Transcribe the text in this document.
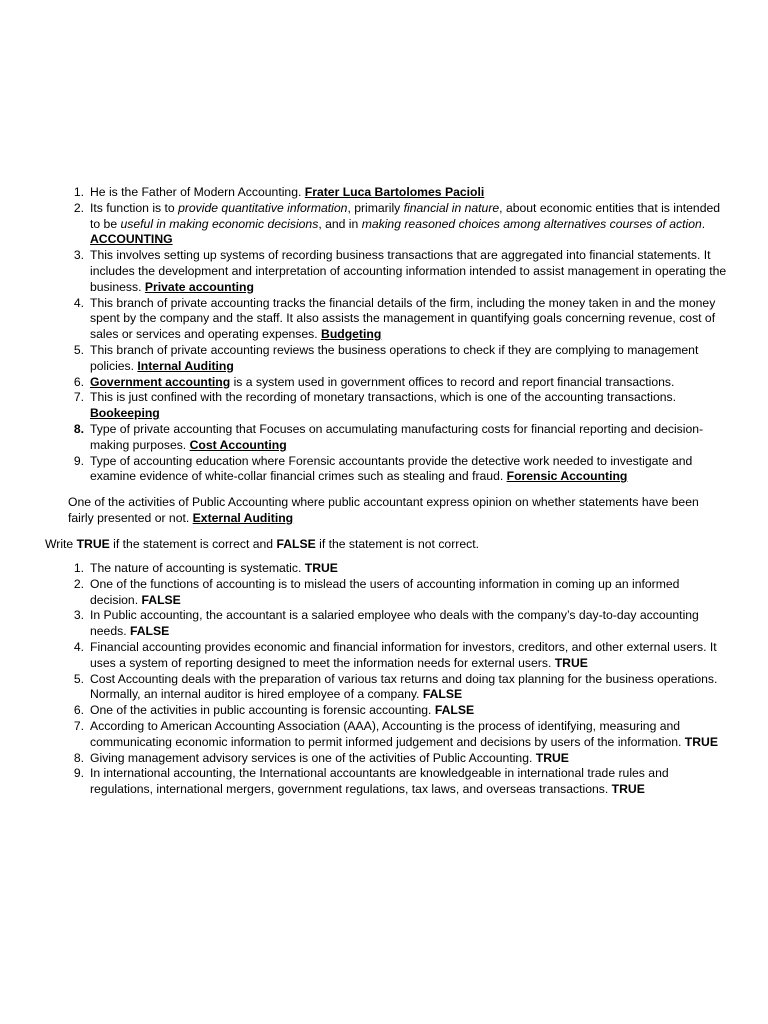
1. He is the Father of Modern Accounting. Frater Luca Bartolomes Pacioli
2. Its function is to provide quantitative information, primarily financial in nature, about economic entities that is intended to be useful in making economic decisions, and in making reasoned choices among alternatives courses of action. ACCOUNTING
3. This involves setting up systems of recording business transactions that are aggregated into financial statements. It includes the development and interpretation of accounting information intended to assist management in operating the business. Private accounting
4. This branch of private accounting tracks the financial details of the firm, including the money taken in and the money spent by the company and the staff. It also assists the management in quantifying goals concerning revenue, cost of sales or services and operating expenses. Budgeting
5. This branch of private accounting reviews the business operations to check if they are complying to management policies. Internal Auditing
6. Government accounting is a system used in government offices to record and report financial transactions.
7. This is just confined with the recording of monetary transactions, which is one of the accounting transactions. Bookeeping
8. Type of private accounting that Focuses on accumulating manufacturing costs for financial reporting and decision-making purposes. Cost Accounting
9. Type of accounting education where Forensic accountants provide the detective work needed to investigate and examine evidence of white-collar financial crimes such as stealing and fraud. Forensic Accounting

One of the activities of Public Accounting where public accountant express opinion on whether statements have been fairly presented or not. External Auditing

Write TRUE if the statement is correct and FALSE if the statement is not correct.

1. The nature of accounting is systematic. TRUE
2. One of the functions of accounting is to mislead the users of accounting information in coming up an informed decision. FALSE
3. In Public accounting, the accountant is a salaried employee who deals with the company’s day-to-day accounting needs. FALSE
4. Financial accounting provides economic and financial information for investors, creditors, and other external users. It uses a system of reporting designed to meet the information needs for external users. TRUE
5. Cost Accounting deals with the preparation of various tax returns and doing tax planning for the business operations. Normally, an internal auditor is hired employee of a company. FALSE
6. One of the activities in public accounting is forensic accounting. FALSE
7. According to American Accounting Association (AAA), Accounting is the process of identifying, measuring and communicating economic information to permit informed judgement and decisions by users of the information. TRUE
8. Giving management advisory services is one of the activities of Public Accounting. TRUE
9. In international accounting, the International accountants are knowledgeable in international trade rules and regulations, international mergers, government regulations, tax laws, and overseas transactions. TRUE
